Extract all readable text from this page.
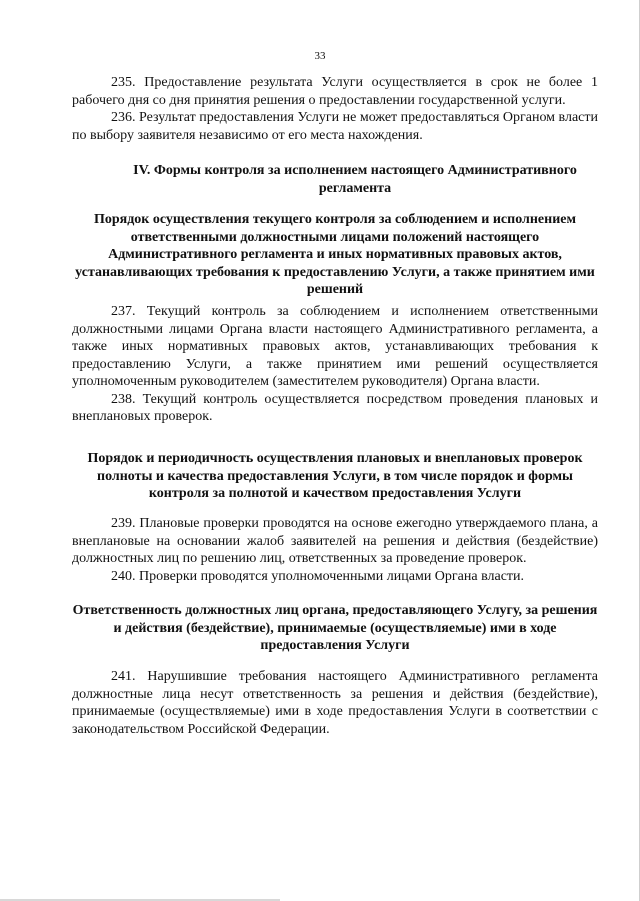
33

235. Предоставление результата Услуги осуществляется в срок не более 1 рабочего дня со дня принятия решения о предоставлении государственной услуги.

236. Результат предоставления Услуги не может предоставляться Органом власти по выбору заявителя независимо от его места нахождения.

IV. Формы контроля за исполнением настоящего Административного регламента
Порядок осуществления текущего контроля за соблюдением и исполнением ответственными должностными лицами положений настоящего Административного регламента и иных нормативных правовых актов, устанавливающих требования к предоставлению Услуги, а также принятием ими решений

237. Текущий контроль за соблюдением и исполнением ответственными должностными лицами Органа власти настоящего Административного регламента, а также иных нормативных правовых актов, устанавливающих требования к предоставлению Услуги, а также принятием ими решений осуществляется уполномоченным руководителем (заместителем руководителя) Органа власти.

238. Текущий контроль осуществляется посредством проведения плановых и внеплановых проверок.

Порядок и периодичность осуществления плановых и внеплановых проверок полноты и качества предоставления Услуги, в том числе порядок и формы контроля за полнотой и качеством предоставления Услуги

239. Плановые проверки проводятся на основе ежегодно утверждаемого плана, а внеплановые на основании жалоб заявителей на решения и действия (бездействие) должностных лиц по решению лиц, ответственных за проведение проверок.

240. Проверки проводятся уполномоченными лицами Органа власти.

Ответственность должностных лиц органа, предоставляющего Услугу, за решения и действия (бездействие), принимаемые (осуществляемые) ими в ходе предоставления Услуги

241. Нарушившие требования настоящего Административного регламента должностные лица несут ответственность за решения и действия (бездействие), принимаемые (осуществляемые) ими в ходе предоставления Услуги в соответствии с законодательством Российской Федерации.
